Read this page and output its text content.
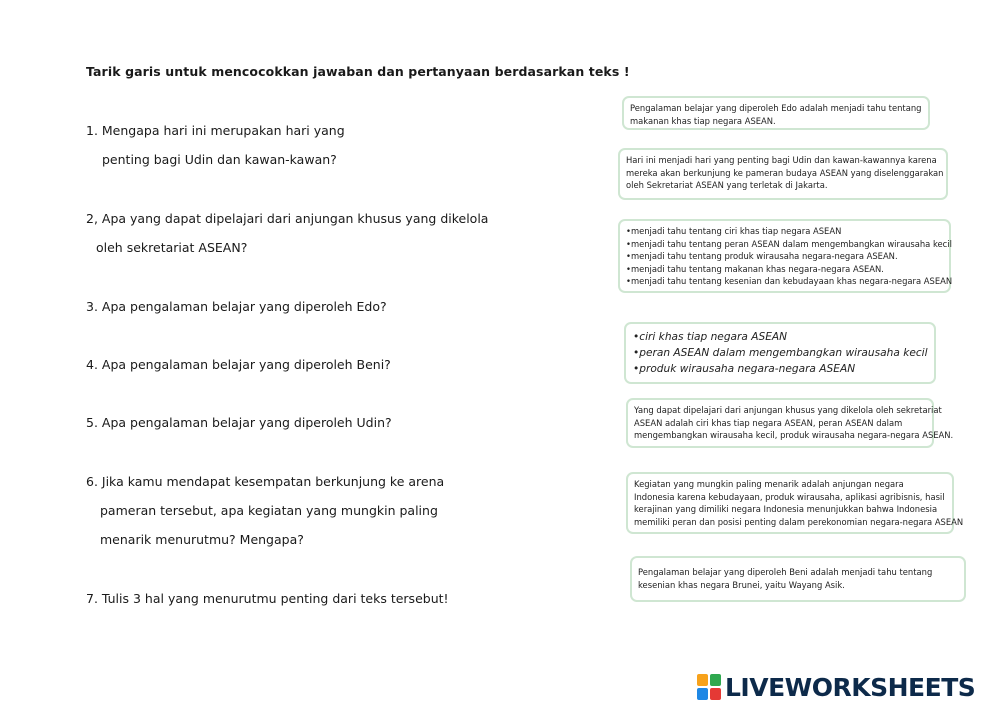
Tarik garis untuk mencocokkan jawaban dan pertanyaan berdasarkan teks !
1. Mengapa hari ini merupakan hari yang
penting bagi Udin dan kawan-kawan?
2, Apa yang dapat dipelajari dari anjungan khusus yang dikelola
oleh sekretariat ASEAN?
3. Apa pengalaman belajar yang diperoleh Edo?
4. Apa pengalaman belajar yang diperoleh Beni?
5. Apa pengalaman belajar yang diperoleh Udin?
6. Jika kamu mendapat kesempatan berkunjung ke arena
pameran tersebut, apa kegiatan yang mungkin paling
menarik menurutmu? Mengapa?
7. Tulis 3 hal yang menurutmu penting dari teks tersebut!
Pengalaman belajar yang diperoleh Edo adalah menjadi tahu tentang
makanan khas tiap negara ASEAN.
Hari ini menjadi hari yang penting bagi Udin dan kawan-kawannya karena
mereka akan berkunjung ke pameran budaya ASEAN yang diselenggarakan
oleh Sekretariat ASEAN yang terletak di Jakarta.
•menjadi tahu tentang ciri khas tiap negara ASEAN
•menjadi tahu tentang peran ASEAN dalam mengembangkan wirausaha kecil
•menjadi tahu tentang produk wirausaha negara-negara ASEAN.
•menjadi tahu tentang makanan khas negara-negara ASEAN.
•menjadi tahu tentang kesenian dan kebudayaan khas negara-negara ASEAN
•ciri khas tiap negara ASEAN
•peran ASEAN dalam mengembangkan wirausaha kecil
•produk wirausaha negara-negara ASEAN
Yang dapat dipelajari dari anjungan khusus yang dikelola oleh sekretariat
ASEAN adalah ciri khas tiap negara ASEAN, peran ASEAN dalam
mengembangkan wirausaha kecil, produk wirausaha negara-negara ASEAN.
Kegiatan yang mungkin paling menarik adalah anjungan negara
Indonesia karena kebudayaan, produk wirausaha, aplikasi agribisnis, hasil
kerajinan yang dimiliki negara Indonesia menunjukkan bahwa Indonesia
memiliki peran dan posisi penting dalam perekonomian negara-negara ASEAN
Pengalaman belajar yang diperoleh Beni adalah menjadi tahu tentang
kesenian khas negara Brunei, yaitu Wayang Asik.
LIVEWORKSHEETS
